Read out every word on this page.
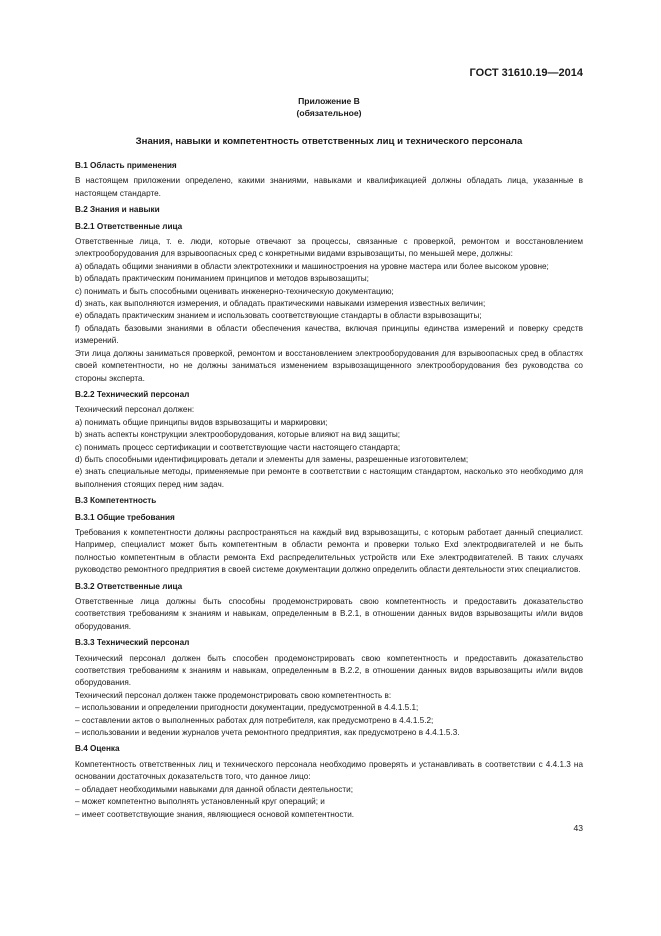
ГОСТ 31610.19—2014
Приложение В
(обязательное)
Знания, навыки и компетентность ответственных лиц и технического персонала
В.1 Область применения
В настоящем приложении определено, какими знаниями, навыками и квалификацией должны обладать лица, указанные в настоящем стандарте.
В.2 Знания и навыки
В.2.1 Ответственные лица
Ответственные лица, т. е. люди, которые отвечают за процессы, связанные с проверкой, ремонтом и восстановлением электрооборудования для взрывоопасных сред с конкретными видами взрывозащиты, по меньшей мере, должны:
а) обладать общими знаниями в области электротехники и машиностроения на уровне мастера или более высоком уровне;
b) обладать практическим пониманием принципов и методов взрывозащиты;
c) понимать и быть способными оценивать инженерно-техническую документацию;
d) знать, как выполняются измерения, и обладать практическими навыками измерения известных величин;
e) обладать практическим знанием и использовать соответствующие стандарты в области взрывозащиты;
f) обладать базовыми знаниями в области обеспечения качества, включая принципы единства измерений и поверку средств измерений.
Эти лица должны заниматься проверкой, ремонтом и восстановлением электрооборудования для взрывоопасных сред в областях своей компетентности, но не должны заниматься изменением взрывозащищенного электрооборудования без руководства со стороны эксперта.
В.2.2 Технический персонал
Технический персонал должен:
a) понимать общие принципы видов взрывозащиты и маркировки;
b) знать аспекты конструкции электрооборудования, которые влияют на вид защиты;
c) понимать процесс сертификации и соответствующие части настоящего стандарта;
d) быть способными идентифицировать детали и элементы для замены, разрешенные изготовителем;
e) знать специальные методы, применяемые при ремонте в соответствии с настоящим стандартом, насколько это необходимо для выполнения стоящих перед ним задач.
В.3 Компетентность
В.3.1 Общие требования
Требования к компетентности должны распространяться на каждый вид взрывозащиты, с которым работает данный специалист. Например, специалист может быть компетентным в области ремонта и проверки только Exd электродвигателей и не быть полностью компетентным в области ремонта Exd распределительных устройств или Exe электродвигателей. В таких случаях руководство ремонтного предприятия в своей системе документации должно определить области деятельности этих специалистов.
В.3.2 Ответственные лица
Ответственные лица должны быть способны продемонстрировать свою компетентность и предоставить доказательство соответствия требованиям к знаниям и навыкам, определенным в В.2.1, в отношении данных видов взрывозащиты и/или видов оборудования.
В.3.3 Технический персонал
Технический персонал должен быть способен продемонстрировать свою компетентность и предоставить доказательство соответствия требованиям к знаниям и навыкам, определенным в В.2.2, в отношении данных видов взрывозащиты и/или видов оборудования.
Технический персонал должен также продемонстрировать свою компетентность в:
– использовании и определении пригодности документации, предусмотренной в 4.4.1.5.1;
– составлении актов о выполненных работах для потребителя, как предусмотрено в 4.4.1.5.2;
– использовании и ведении журналов учета ремонтного предприятия, как предусмотрено в 4.4.1.5.3.
В.4 Оценка
Компетентность ответственных лиц и технического персонала необходимо проверять и устанавливать в соответствии с 4.4.1.3 на основании достаточных доказательств того, что данное лицо:
– обладает необходимыми навыками для данной области деятельности;
– может компетентно выполнять установленный круг операций; и
– имеет соответствующие знания, являющиеся основой компетентности.
43
